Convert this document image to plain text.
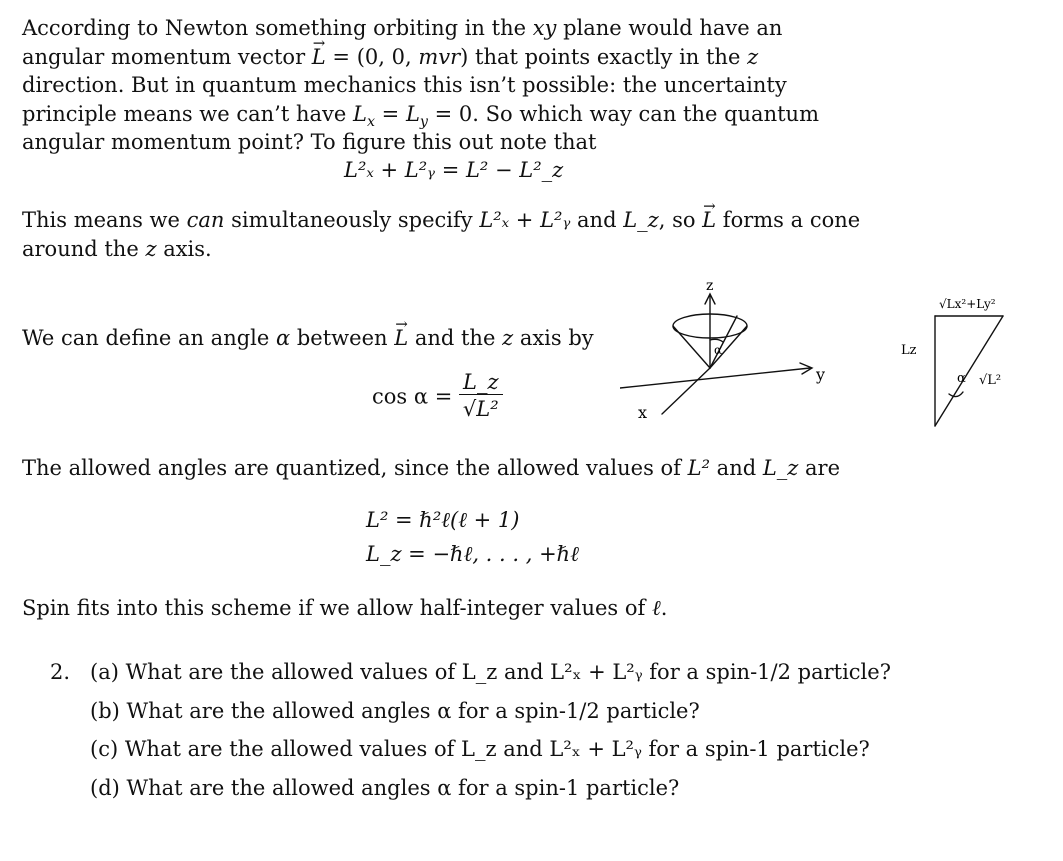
According to Newton something orbiting in the xy plane would have an angular momentum vector → L = (0, 0, mvr) that points exactly in the z direction. But in quantum mechanics this isn’t possible: the uncertainty principle means we can’t have $L_x = L_y = 0$. So which way can the quantum angular momentum point? To figure this out note that

L²ₓ + L²ᵧ = L² − L²_z

This means we can simultaneously specify L²ₓ + L²ᵧ and L_z, so → L forms a cone around the z axis.

We can define an angle α between → L and the z axis by

$\cos \alpha = \frac{L\_z}{\text{√L²}}$

The allowed angles are quantized, since the allowed values of L² and L_z are

L² = ℏ²ℓ(ℓ + 1)
L_z = −ℏℓ, . . . , +ℏℓ

Spin fits into this scheme if we allow half-integer values of ℓ.

2. (a) What are the allowed values of L_z and L²ₓ + L²ᵧ for a spin-1/2 particle?
(b) What are the allowed angles α for a spin-1/2 particle?
(c) What are the allowed values of L_z and L²ₓ + L²ᵧ for a spin-1 particle?
(d) What are the allowed angles α for a spin-1 particle?
z
y
x
α
√Lx²+Ly²
Lz
α √L²
